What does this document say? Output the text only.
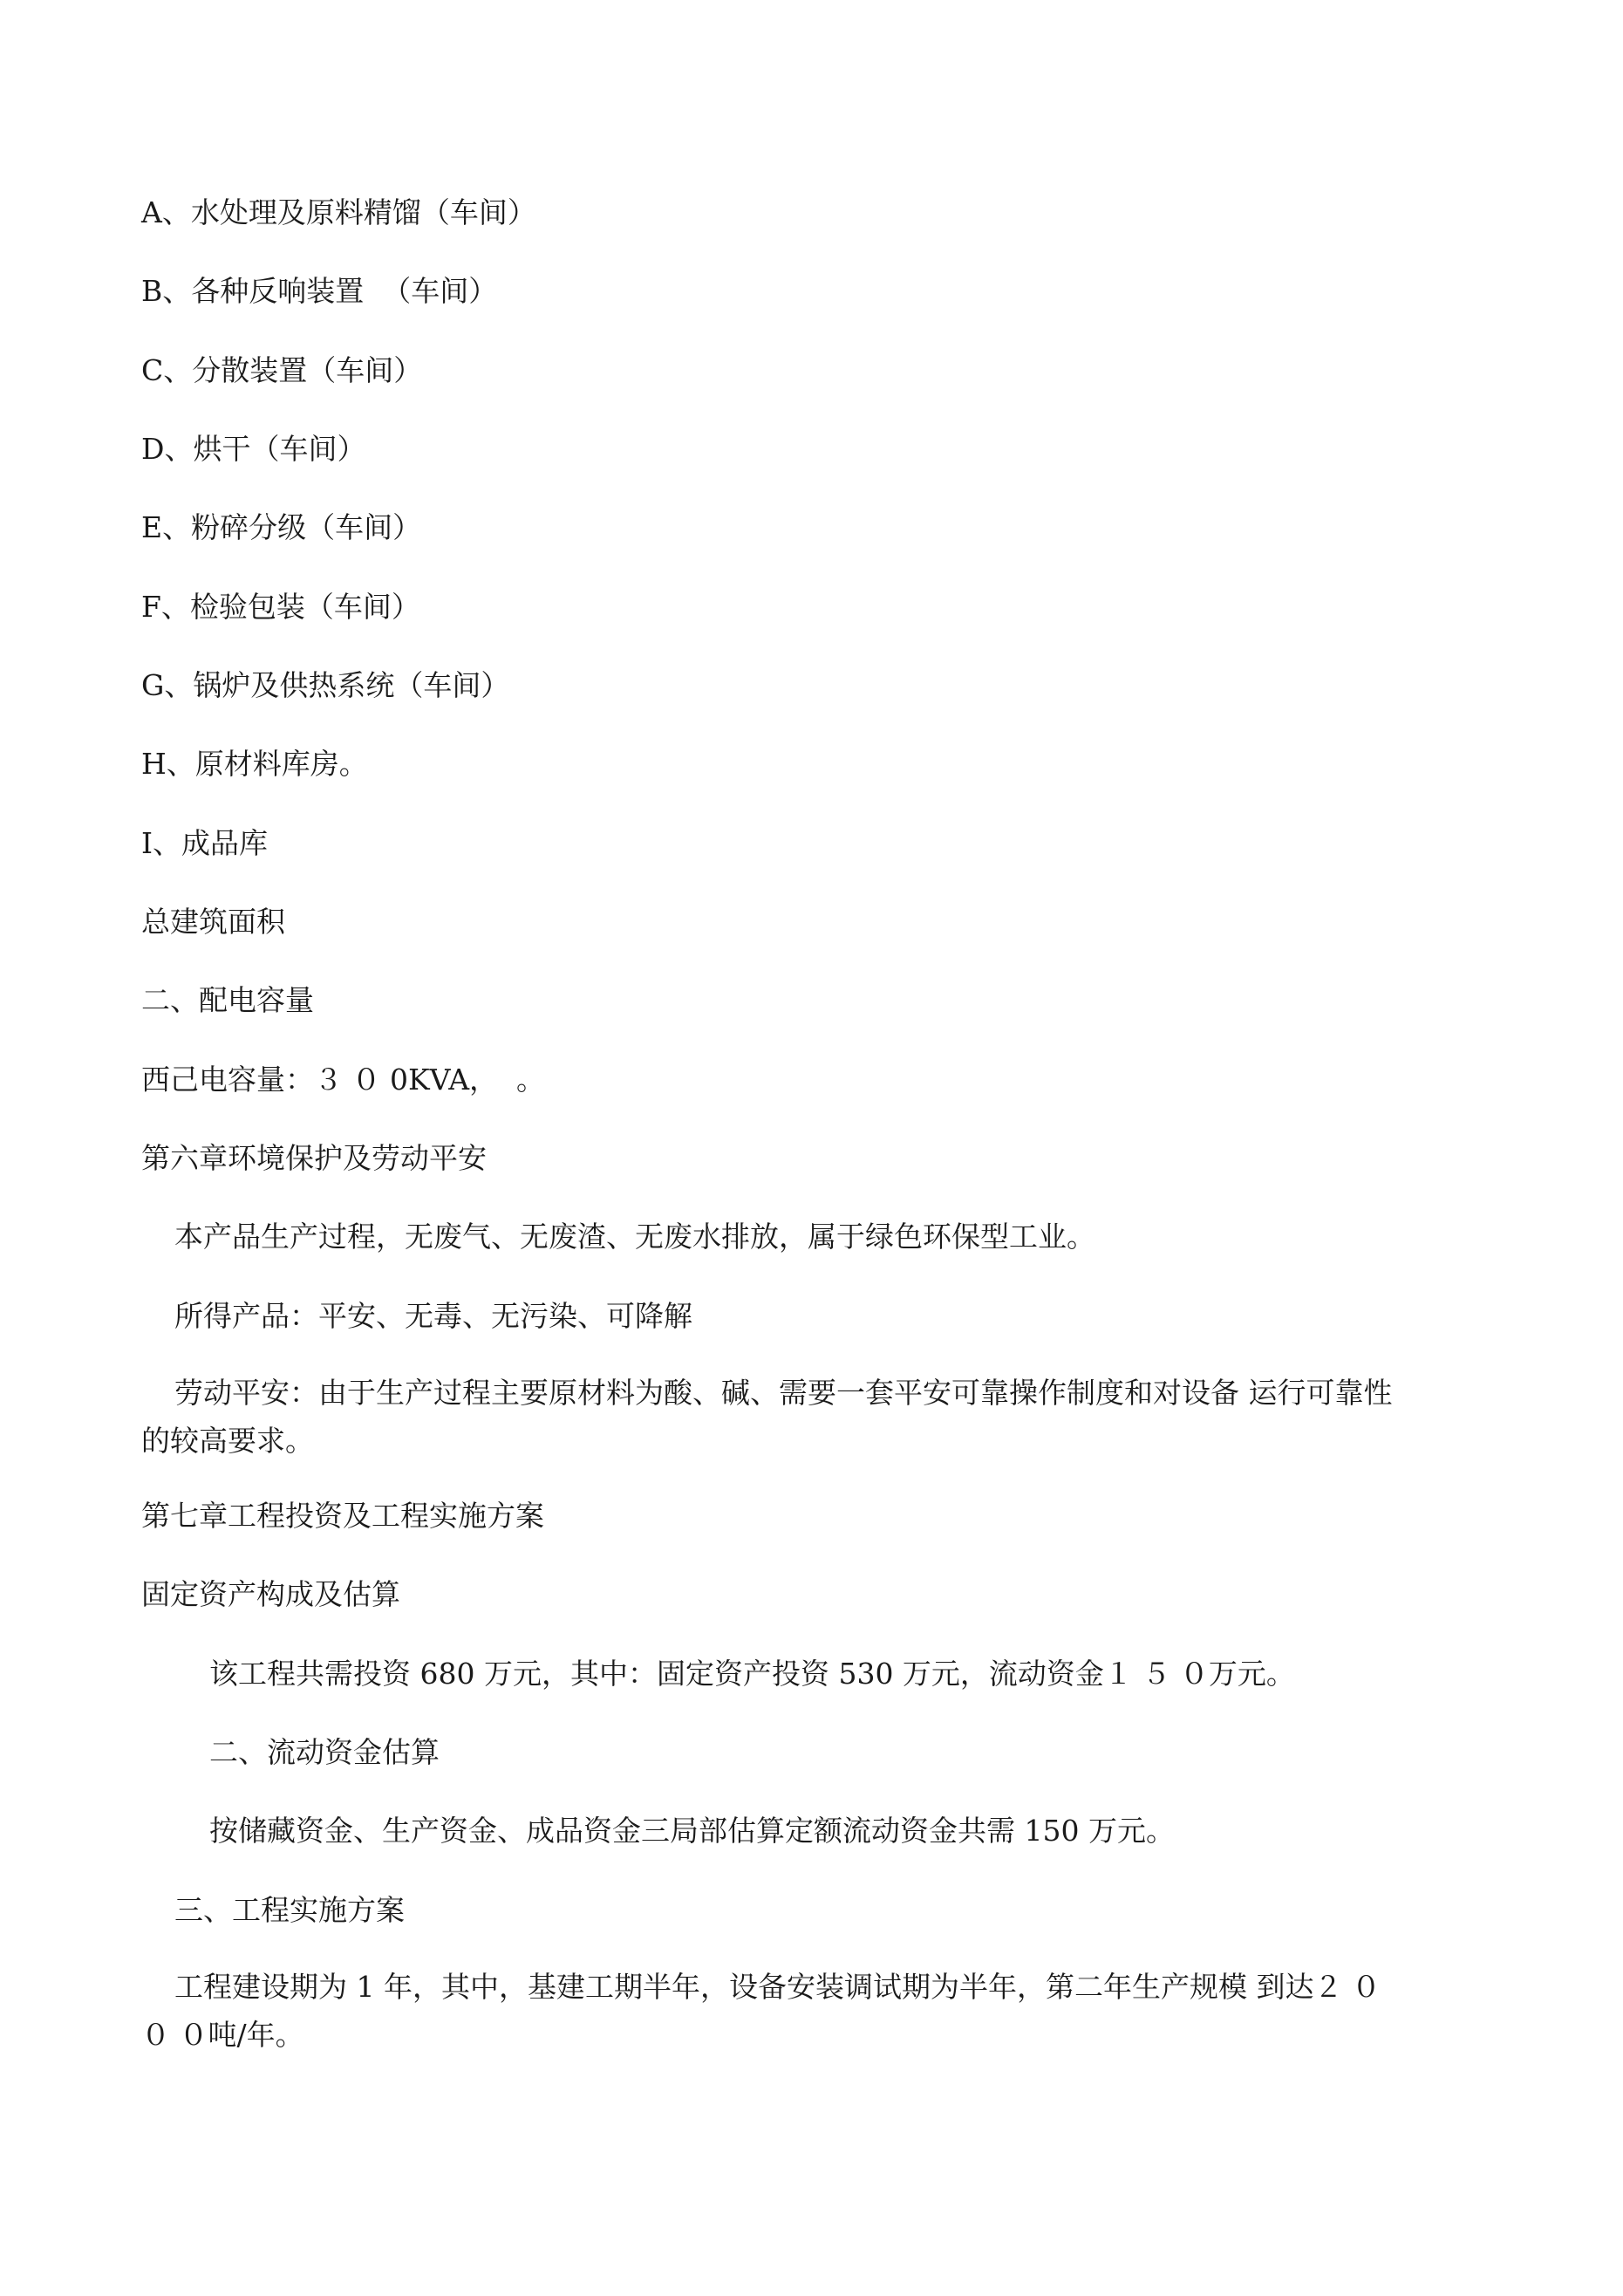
A、水处理及原料精馏（车间）
B、各种反响装置  （车间）
C、分散装置（车间）
D、烘干（车间）
E、粉碎分级（车间）
F、检验包装（车间）
G、锅炉及供热系统（车间）
H、原材料库房。
I、成品库
总建筑面积
二、配电容量
西己电容量：３ ０ 0KVA，  。
第六章环境保护及劳动平安
本产品生产过程，无废气、无废渣、无废水排放，属于绿色环保型工业。
所得产品：平安、无毒、无污染、可降解
劳动平安：由于生产过程主要原材料为酸、碱、需要一套平安可靠操作制度和对设备 运行可靠性的较高要求。
第七章工程投资及工程实施方案
固定资产构成及估算
该工程共需投资 680 万元，其中：固定资产投资 530 万元，流动资金１ ５ ０万元。
二、流动资金估算
按储藏资金、生产资金、成品资金三局部估算定额流动资金共需 150 万元。
三、工程实施方案
工程建设期为 1 年，其中，基建工期半年，设备安装调试期为半年，第二年生产规模 到达２ ０ ０ ０吨/年。
